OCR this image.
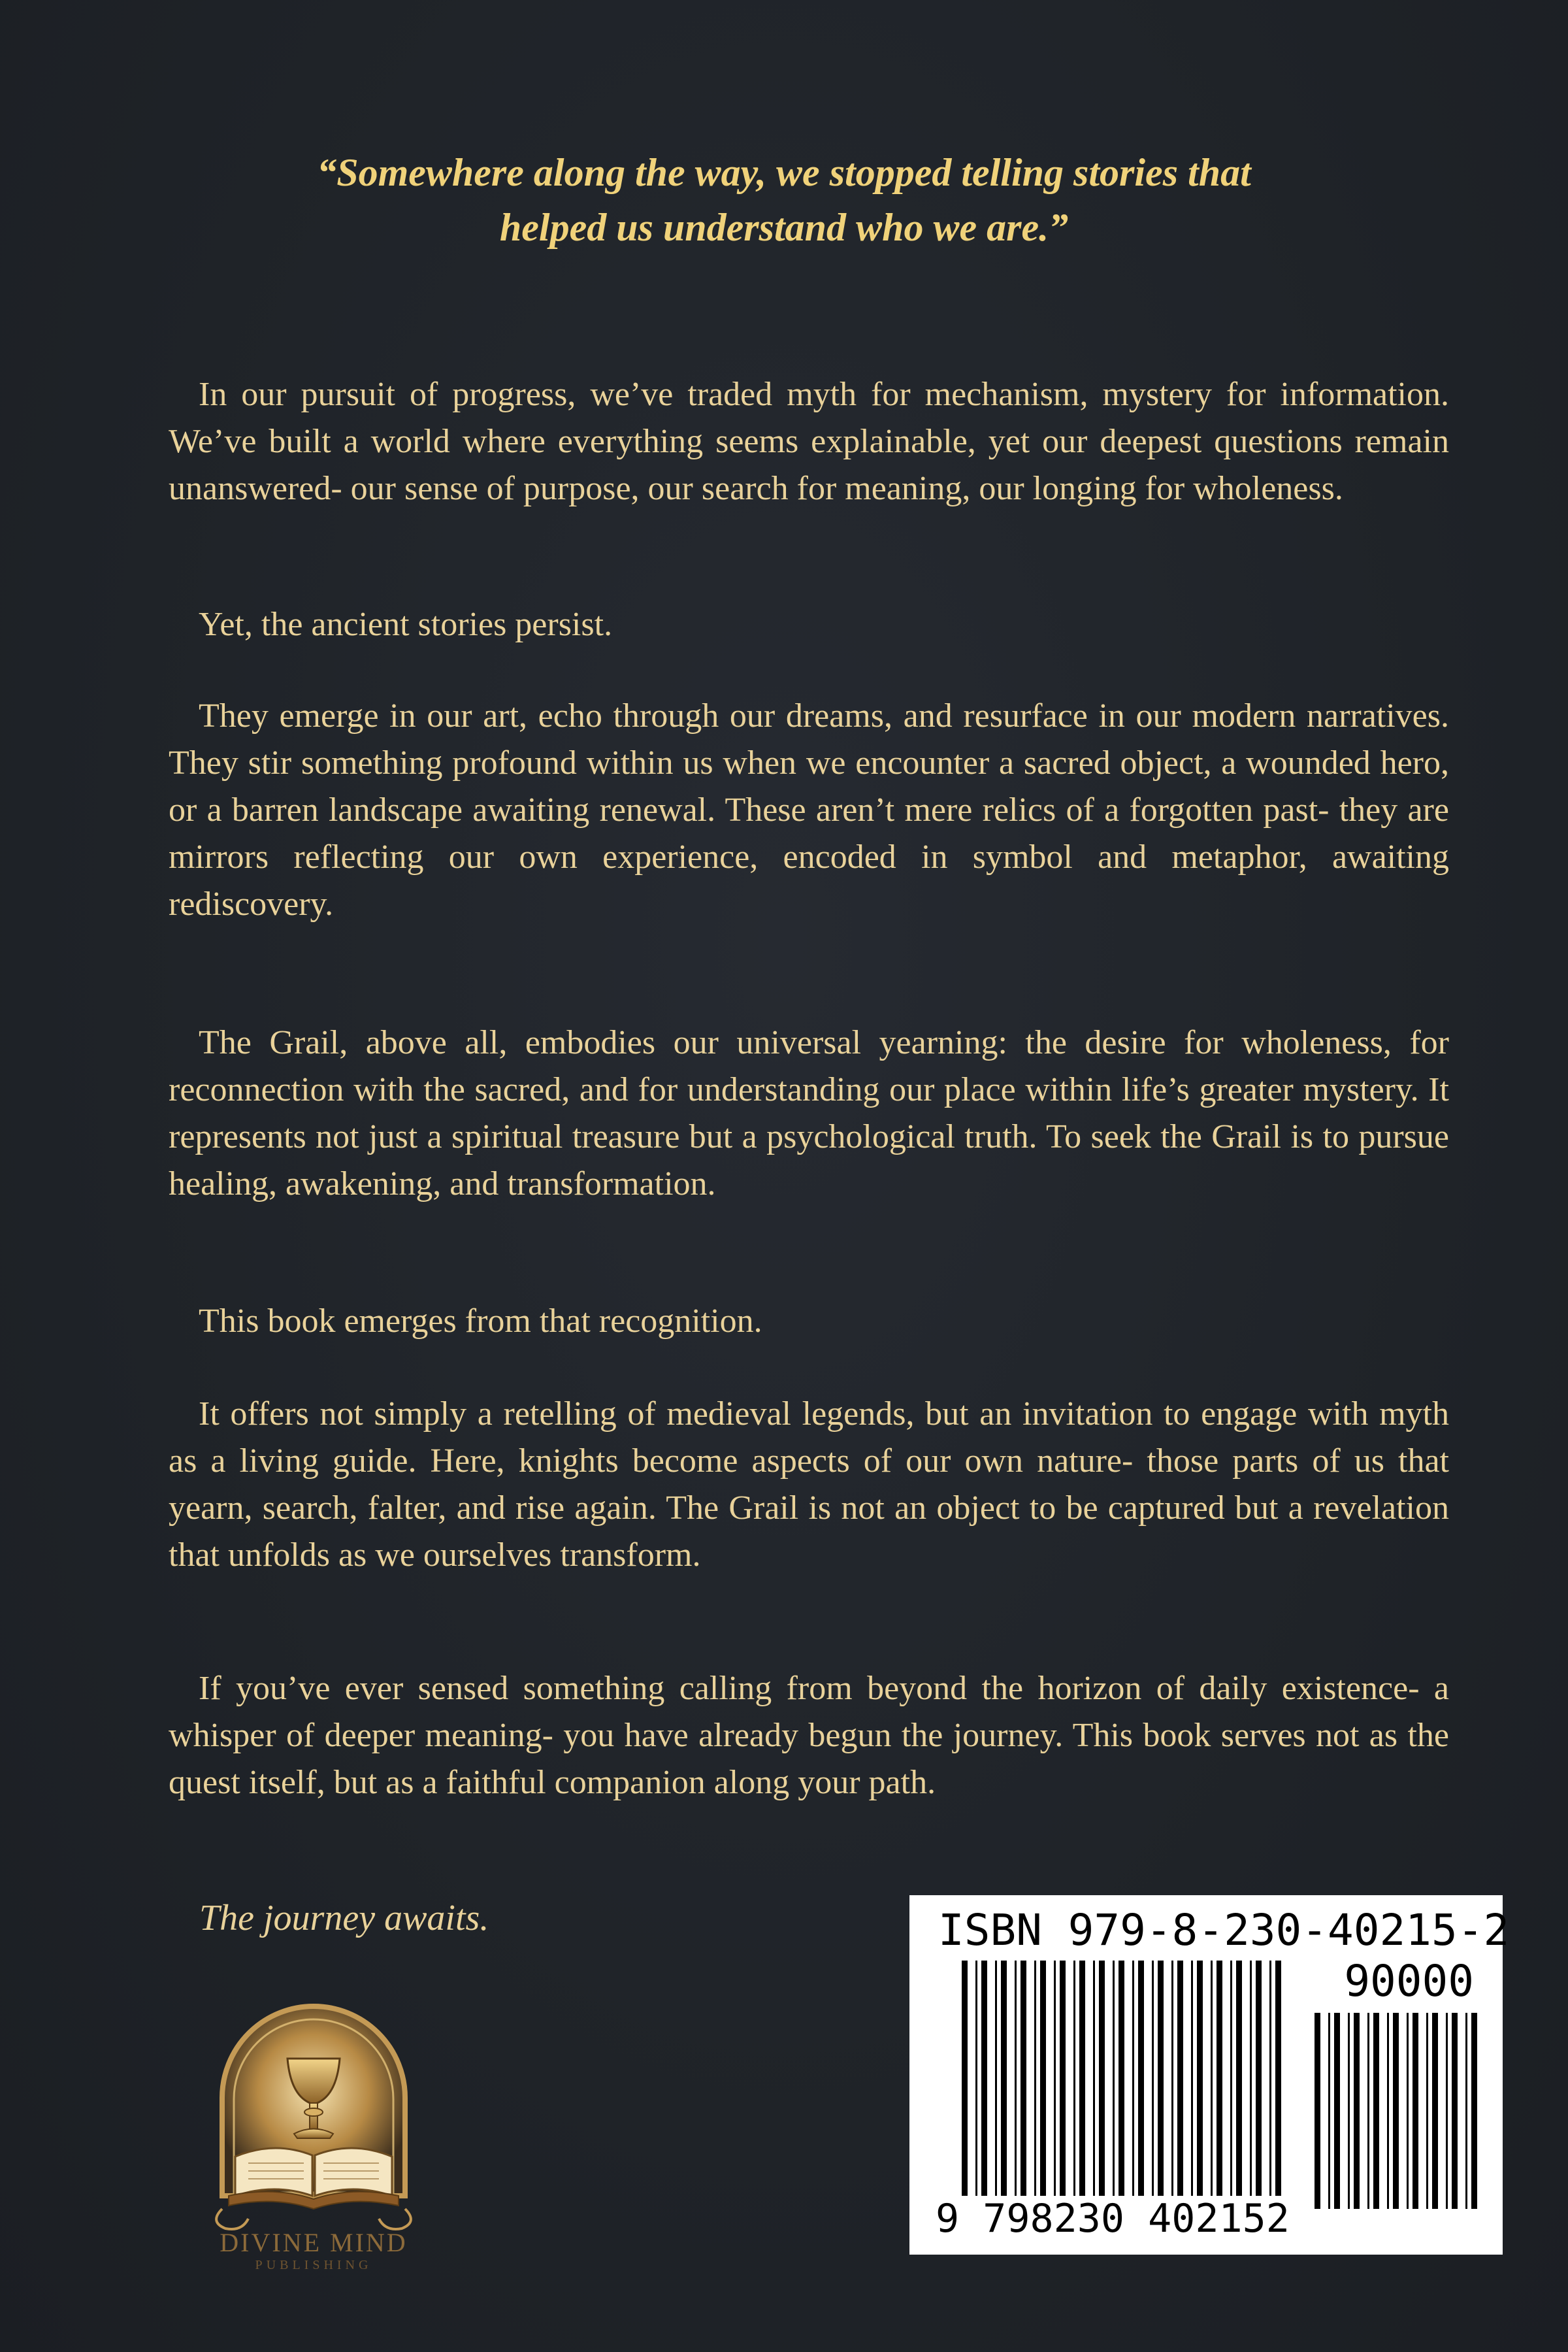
“Somewhere along the way, we stopped telling stories that
helped us understand who we are.”

In our pursuit of progress, we’ve traded myth for mechanism, mystery for information. We’ve built a world where everything seems explainable, yet our deepest questions remain unanswered- our sense of purpose, our search for meaning, our longing for wholeness.

Yet, the ancient stories persist.

They emerge in our art, echo through our dreams, and resurface in our modern narratives. They stir something profound within us when we encounter a sacred object, a wounded hero, or a barren landscape awaiting renewal. These aren’t mere relics of a forgotten past- they are mirrors reflecting our own experience, encoded in symbol and metaphor, awaiting rediscovery.

The Grail, above all, embodies our universal yearning: the desire for wholeness, for reconnection with the sacred, and for understanding our place within life’s greater mystery. It represents not just a spiritual treasure but a psychological truth. To seek the Grail is to pursue healing, awakening, and transformation.

This book emerges from that recognition.

It offers not simply a retelling of medieval legends, but an invitation to engage with myth as a living guide. Here, knights become aspects of our own nature- those parts of us that yearn, search, falter, and rise again. The Grail is not an object to be captured but a revelation that unfolds as we ourselves transform.

If you’ve ever sensed something calling from beyond the horizon of daily existence- a whisper of deeper meaning- you have already begun the journey. This book serves not as the quest itself, but as a faithful companion along your path.

The journey awaits.
DIVINE MIND
PUBLISHING
ISBN 979-8-230-40215-2
90000
9 798230 402152
